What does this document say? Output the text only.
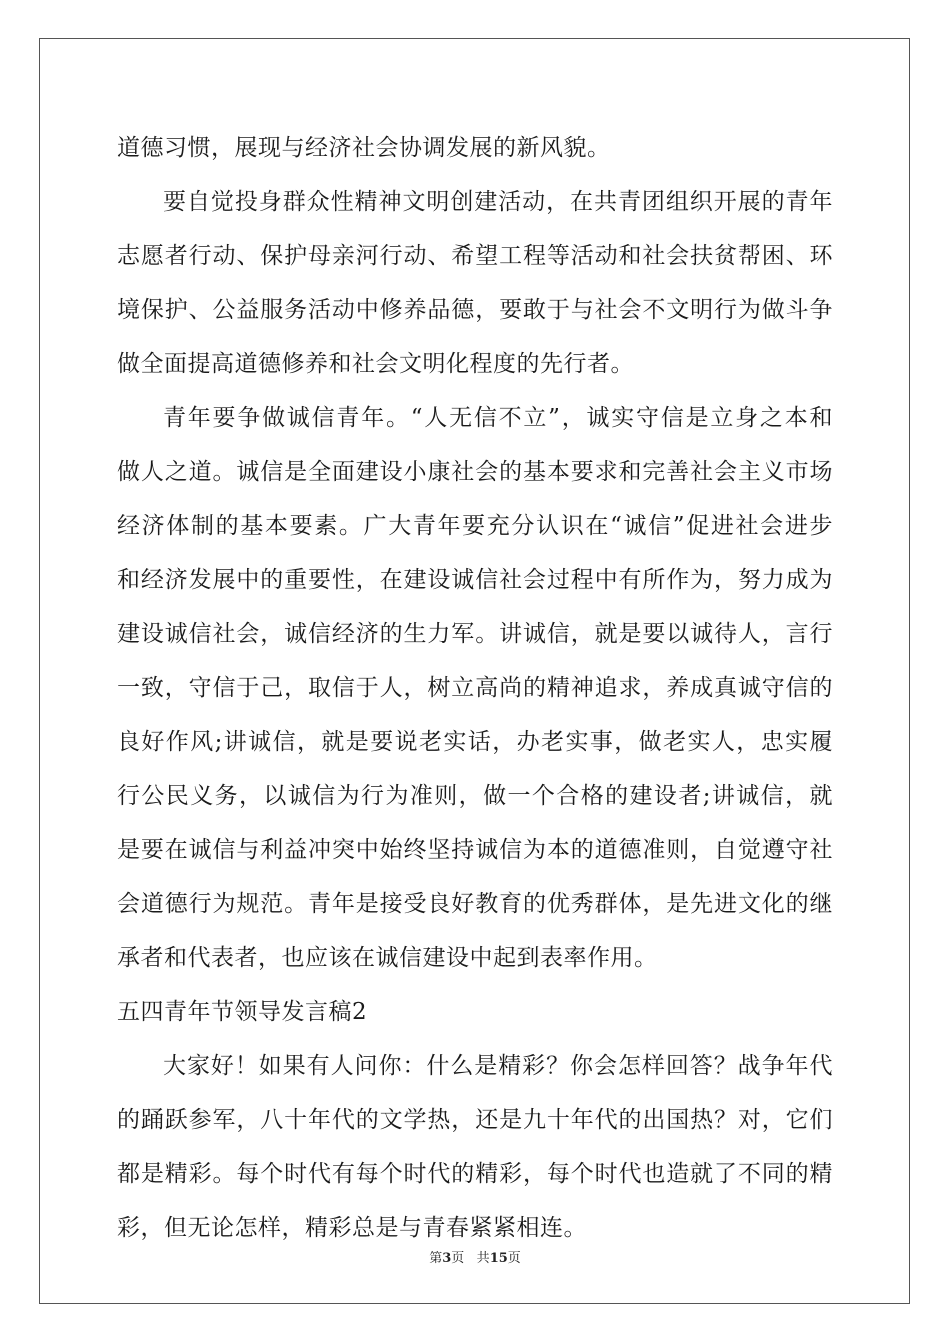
道德习惯，展现与经济社会协调发展的新风貌。
要自觉投身群众性精神文明创建活动，在共青团组织开展的青年
志愿者行动、保护母亲河行动、希望工程等活动和社会扶贫帮困、环
境保护、公益服务活动中修养品德，要敢于与社会不文明行为做斗争
做全面提高道德修养和社会文明化程度的先行者。
青年要争做诚信青年。“人无信不立”，诚实守信是立身之本和
做人之道。诚信是全面建设小康社会的基本要求和完善社会主义市场
经济体制的基本要素。广大青年要充分认识在“诚信”促进社会进步
和经济发展中的重要性，在建设诚信社会过程中有所作为，努力成为
建设诚信社会，诚信经济的生力军。讲诚信，就是要以诚待人，言行
一致，守信于己，取信于人，树立高尚的精神追求，养成真诚守信的
良好作风;讲诚信，就是要说老实话，办老实事，做老实人，忠实履
行公民义务，以诚信为行为准则，做一个合格的建设者;讲诚信，就
是要在诚信与利益冲突中始终坚持诚信为本的道德准则，自觉遵守社
会道德行为规范。青年是接受良好教育的优秀群体，是先进文化的继
承者和代表者，也应该在诚信建设中起到表率作用。
五四青年节领导发言稿2
大家好！如果有人问你：什么是精彩？你会怎样回答？战争年代
的踊跃参军，八十年代的文学热，还是九十年代的出国热？对，它们
都是精彩。每个时代有每个时代的精彩，每个时代也造就了不同的精
彩，但无论怎样，精彩总是与青春紧紧相连。
第3页 共15页
